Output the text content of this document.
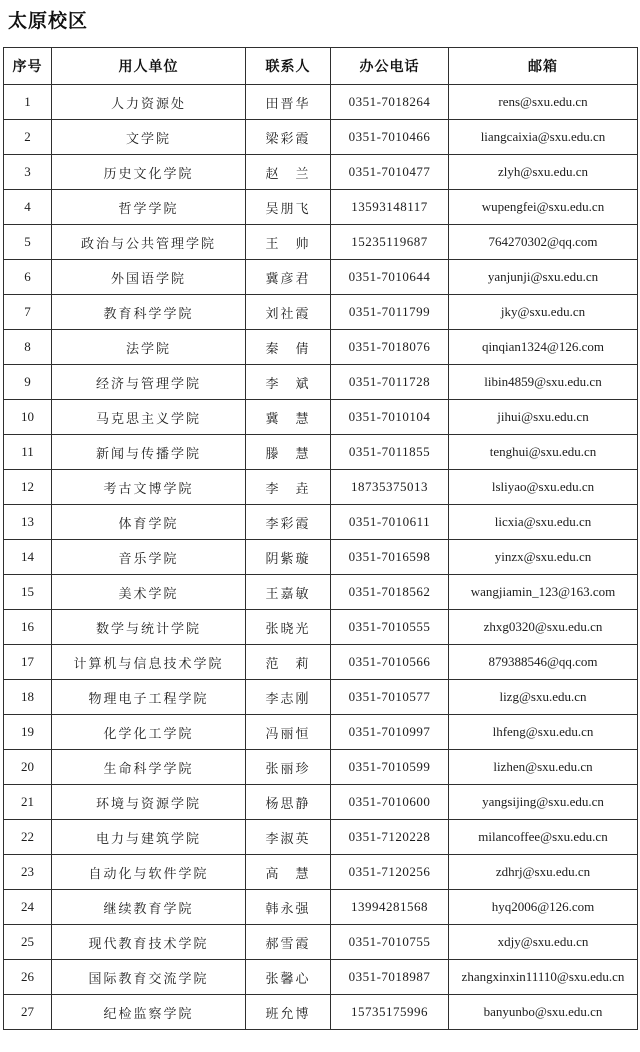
太原校区
序号	用人单位	联系人	办公电话	邮箱
1	人力资源处	田晋华	0351-7018264	rens@sxu.edu.cn
2	文学院	梁彩霞	0351-7010466	liangcaixia@sxu.edu.cn
3	历史文化学院	赵　兰	0351-7010477	zlyh@sxu.edu.cn
4	哲学学院	吴朋飞	13593148117	wupengfei@sxu.edu.cn
5	政治与公共管理学院	王　帅	15235119687	764270302@qq.com
6	外国语学院	冀彦君	0351-7010644	yanjunji@sxu.edu.cn
7	教育科学学院	刘社霞	0351-7011799	jky@sxu.edu.cn
8	法学院	秦　倩	0351-7018076	qinqian1324@126.com
9	经济与管理学院	李　斌	0351-7011728	libin4859@sxu.edu.cn
10	马克思主义学院	冀　慧	0351-7010104	jihui@sxu.edu.cn
11	新闻与传播学院	滕　慧	0351-7011855	tenghui@sxu.edu.cn
12	考古文博学院	李　垚	18735375013	lsliyao@sxu.edu.cn
13	体育学院	李彩霞	0351-7010611	licxia@sxu.edu.cn
14	音乐学院	阴紫璇	0351-7016598	yinzx@sxu.edu.cn
15	美术学院	王嘉敏	0351-7018562	wangjiamin_123@163.com
16	数学与统计学院	张晓光	0351-7010555	zhxg0320@sxu.edu.cn
17	计算机与信息技术学院	范　莉	0351-7010566	879388546@qq.com
18	物理电子工程学院	李志刚	0351-7010577	lizg@sxu.edu.cn
19	化学化工学院	冯丽恒	0351-7010997	lhfeng@sxu.edu.cn
20	生命科学学院	张丽珍	0351-7010599	lizhen@sxu.edu.cn
21	环境与资源学院	杨思静	0351-7010600	yangsijing@sxu.edu.cn
22	电力与建筑学院	李淑英	0351-7120228	milancoffee@sxu.edu.cn
23	自动化与软件学院	高　慧	0351-7120256	zdhrj@sxu.edu.cn
24	继续教育学院	韩永强	13994281568	hyq2006@126.com
25	现代教育技术学院	郝雪霞	0351-7010755	xdjy@sxu.edu.cn
26	国际教育交流学院	张馨心	0351-7018987	zhangxinxin11110@sxu.edu.cn
27	纪检监察学院	班允博	15735175996	banyunbo@sxu.edu.cn
